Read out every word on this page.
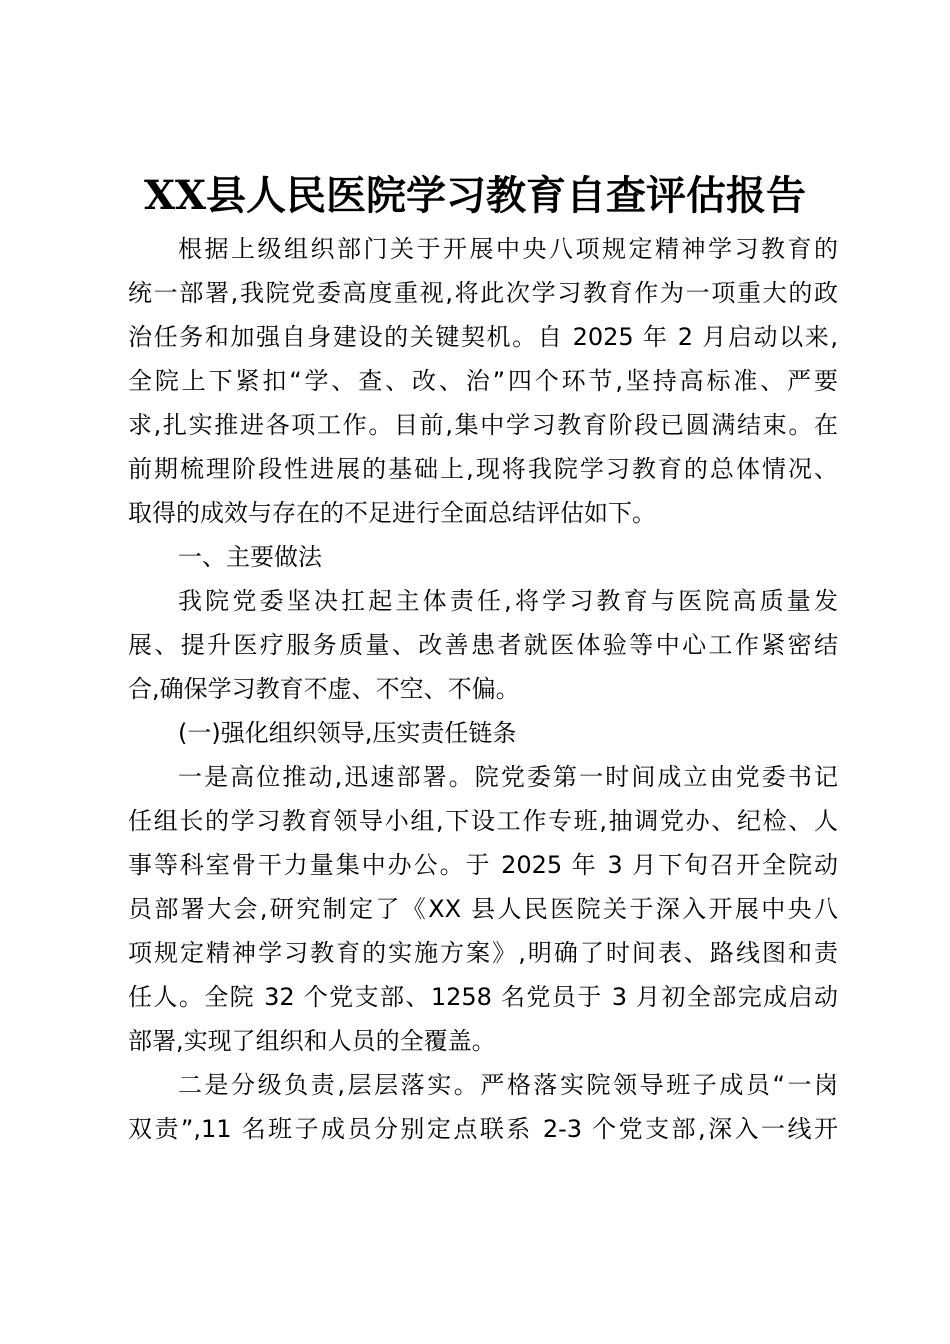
XX县人民医院学习教育自查评估报告
根据上级组织部门关于开展中央八项规定精神学习教育的
统一部署,我院党委高度重视,将此次学习教育作为一项重大的政
治任务和加强自身建设的关键契机。自 2025 年 2 月启动以来,
全院上下紧扣“学、查、改、治”四个环节,坚持高标准、严要
求,扎实推进各项工作。目前,集中学习教育阶段已圆满结束。在
前期梳理阶段性进展的基础上,现将我院学习教育的总体情况、
取得的成效与存在的不足进行全面总结评估如下。
一、主要做法
我院党委坚决扛起主体责任,将学习教育与医院高质量发
展、提升医疗服务质量、改善患者就医体验等中心工作紧密结
合,确保学习教育不虚、不空、不偏。
(一)强化组织领导,压实责任链条
一是高位推动,迅速部署。院党委第一时间成立由党委书记
任组长的学习教育领导小组,下设工作专班,抽调党办、纪检、人
事等科室骨干力量集中办公。于 2025 年 3 月下旬召开全院动
员部署大会,研究制定了《XX 县人民医院关于深入开展中央八
项规定精神学习教育的实施方案》,明确了时间表、路线图和责
任人。全院 32 个党支部、1258 名党员于 3 月初全部完成启动
部署,实现了组织和人员的全覆盖。
二是分级负责,层层落实。严格落实院领导班子成员“一岗
双责”,11 名班子成员分别定点联系 2-3 个党支部,深入一线开
